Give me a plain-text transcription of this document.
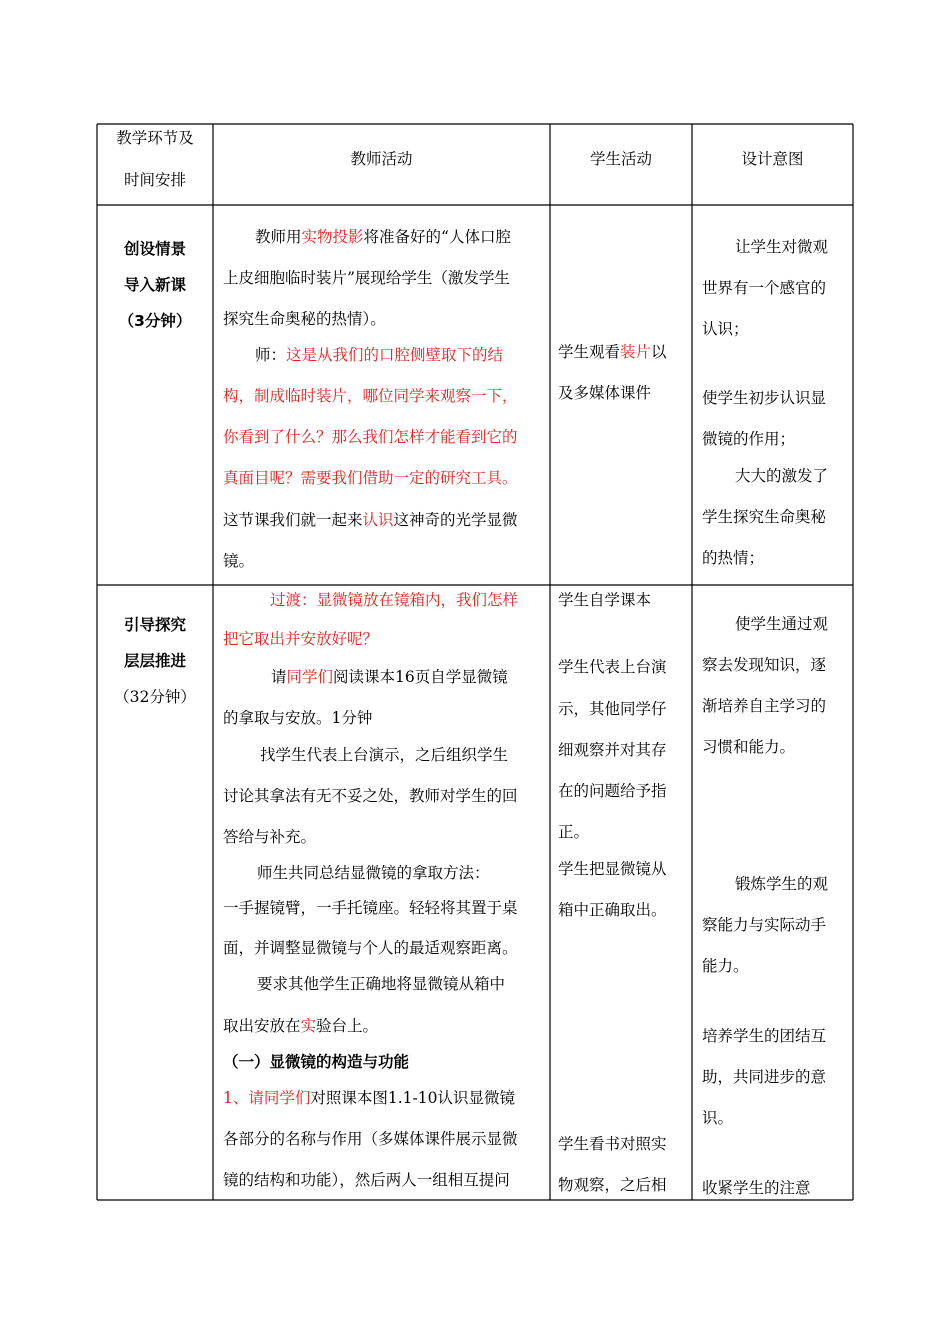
教学环节及
时间安排
教师活动	学生活动	设计意图
创设情景
导入新课
（3分钟）
教师用实物投影将准备好的“人体口腔
上皮细胞临时装片”展现给学生（激发学生
探究生命奥秘的热情）。
师：这是从我们的口腔侧壁取下的结
构，制成临时装片，哪位同学来观察一下，
你看到了什么？那么我们怎样才能看到它的
真面目呢？需要我们借助一定的研究工具。
这节课我们就一起来认识这神奇的光学显微
镜。
学生观看装片以
及多媒体课件
让学生对微观
世界有一个感官的
认识；
使学生初步认识显
微镜的作用；
大大的激发了
学生探究生命奥秘
的热情；
引导探究
层层推进
（32分钟）
过渡：显微镜放在镜箱内，我们怎样
把它取出并安放好呢？
请同学们阅读课本16页自学显微镜
的拿取与安放。1分钟
找学生代表上台演示，之后组织学生
讨论其拿法有无不妥之处，教师对学生的回
答给与补充。
师生共同总结显微镜的拿取方法：
一手握镜臂，一手托镜座。轻轻将其置于桌
面，并调整显微镜与个人的最适观察距离。
要求其他学生正确地将显微镜从箱中
取出安放在实验台上。
（一）显微镜的构造与功能
1、请同学们对照课本图1.1-10认识显微镜
各部分的名称与作用（多媒体课件展示显微
镜的结构和功能），然后两人一组相互提问
学生自学课本
学生代表上台演
示，其他同学仔
细观察并对其存
在的问题给予指
正。
学生把显微镜从
箱中正确取出。
学生看书对照实
物观察，之后相
使学生通过观
察去发现知识，逐
渐培养自主学习的
习惯和能力。
锻炼学生的观
察能力与实际动手
能力。
培养学生的团结互
助，共同进步的意
识。
收紧学生的注意
